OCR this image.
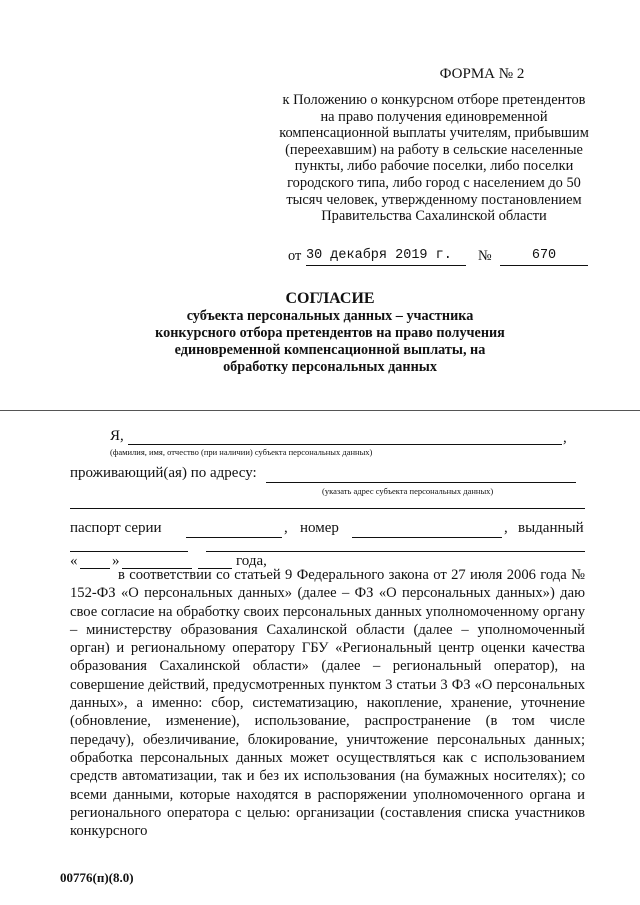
ФОРМА № 2
к Положению о конкурсном отборе претендентов на право получения единовременной компенсационной выплаты учителям, прибывшим (переехавшим) на работу в сельские населенные пункты, либо рабочие поселки, либо поселки городского типа, либо город с населением до 50 тысяч человек, утвержденному постановлением Правительства Сахалинской области
от 30 декабря 2019 г.	№	670
СОГЛАСИЕ
субъекта персональных данных – участника конкурсного отбора претендентов на право получения единовременной компенсационной выплаты, на обработку персональных данных
Я,	,
(фамилия, имя, отчество (при наличии) субъекта персональных данных)
проживающий(ая) по адресу:
(указать адрес субъекта персональных данных)
паспорт серии	, номер	, выданный
« »	года,

в соответствии со статьей 9 Федерального закона от 27 июля 2006 года № 152-ФЗ «О персональных данных» (далее – ФЗ «О персональных данных») даю свое согласие на обработку своих персональных данных уполномоченному органу – министерству образования Сахалинской области (далее – уполномоченный орган) и региональному оператору ГБУ «Региональный центр оценки качества образования Сахалинской области» (далее – региональный оператор), на совершение действий, предусмотренных пунктом 3 статьи 3 ФЗ «О персональных данных», а именно: сбор, систематизацию, накопление, хранение, уточнение (обновление, изменение), использование, распространение (в том числе передачу), обезличивание, блокирование, уничтожение персональных данных; обработка персональных данных может осуществляться как с использованием средств автоматизации, так и без их использования (на бумажных носителях); со всеми данными, которые находятся в распоряжении уполномоченного органа и регионального оператора с целью: организации (составления списка участников конкурсного

00776(п)(8.0)
